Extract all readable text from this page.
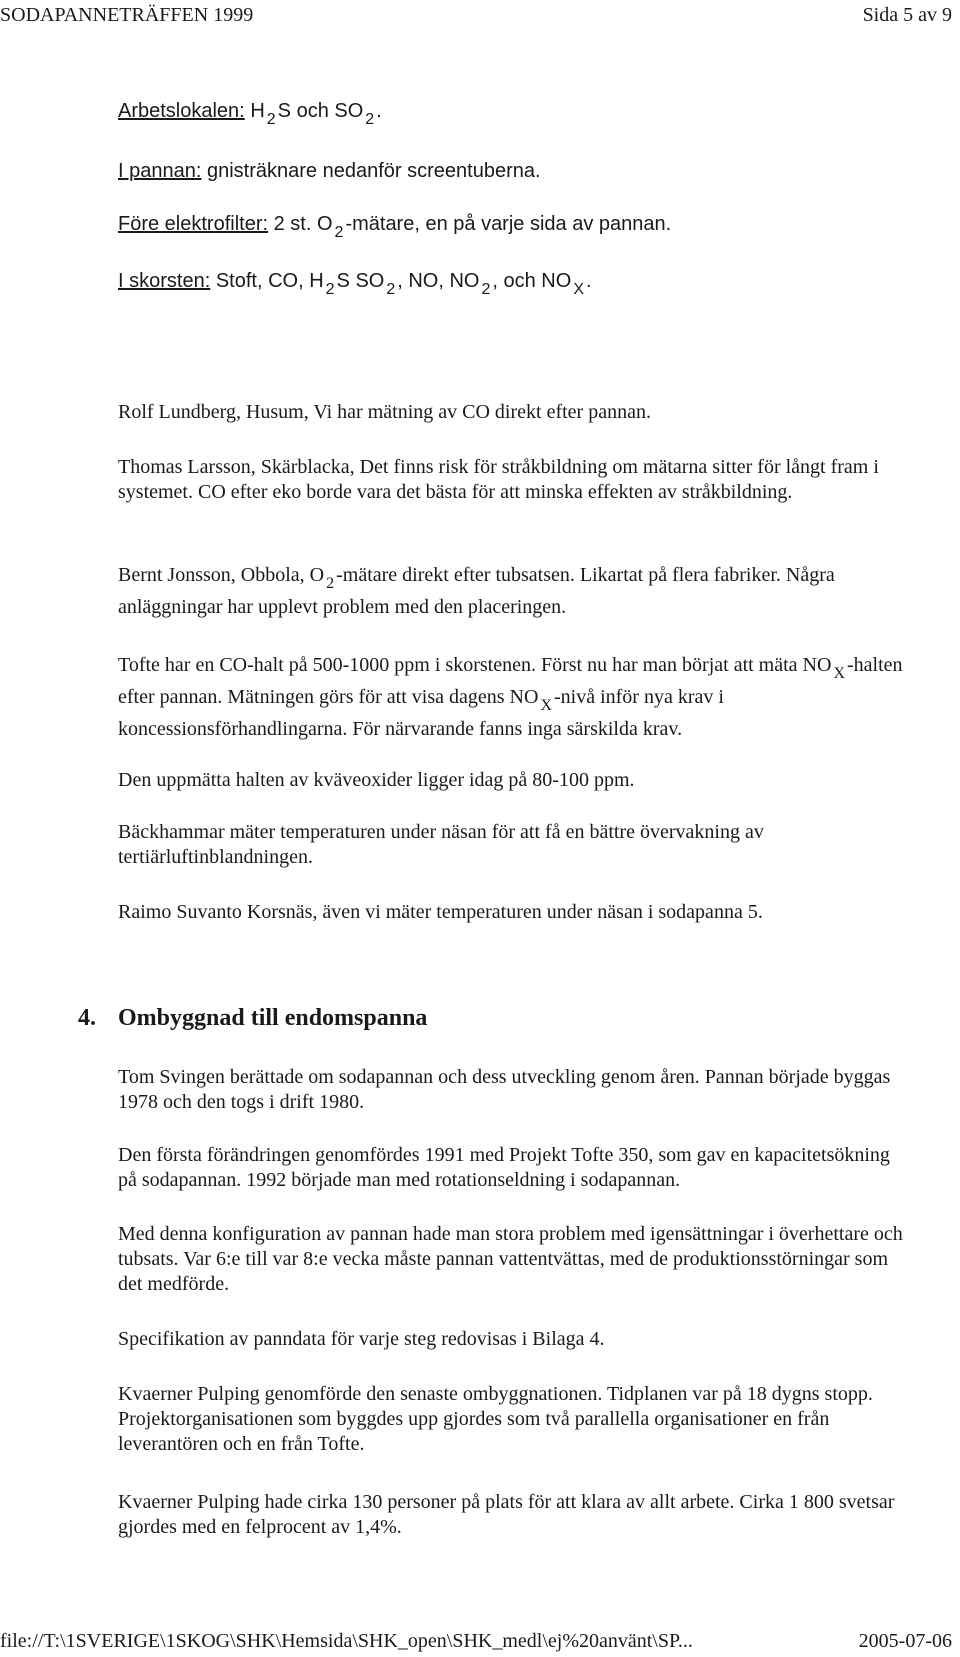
SODAPANNETRÄFFEN 1999	Sida 5 av 9
Arbetslokalen: H $_2$ S och SO $_2$ .
I pannan: gnisträknare nedanför screentuberna.
Före elektrofilter: 2 st. O $_2$ -mätare, en på varje sida av pannan.
I skorsten: Stoft, CO, H $_2$ S SO $_2$ , NO, NO $_2$ , och NO $_X$ .
Rolf Lundberg, Husum, Vi har mätning av CO direkt efter pannan.
Thomas Larsson, Skärblacka, Det finns risk för stråkbildning om mätarna sitter för långt fram i systemet. CO efter eko borde vara det bästa för att minska effekten av stråkbildning.
Bernt Jonsson, Obbola, O $_2$ -mätare direkt efter tubsatsen. Likartat på flera fabriker. Några anläggningar har upplevt problem med den placeringen.
Tofte har en CO-halt på 500-1000 ppm i skorstenen. Först nu har man börjat att mäta NO $_X$ -halten efter pannan. Mätningen görs för att visa dagens NO $_X$ -nivå inför nya krav i koncessionsförhandlingarna. För närvarande fanns inga särskilda krav.
Den uppmätta halten av kväveoxider ligger idag på 80-100 ppm.
Bäckhammar mäter temperaturen under näsan för att få en bättre övervakning av tertiärluftinblandningen.
Raimo Suvanto Korsnäs, även vi mäter temperaturen under näsan i sodapanna 5.
4. Ombyggnad till endomspanna
Tom Svingen berättade om sodapannan och dess utveckling genom åren. Pannan började byggas 1978 och den togs i drift 1980.
Den första förändringen genomfördes 1991 med Projekt Tofte 350, som gav en kapacitetsökning på sodapannan. 1992 började man med rotationseldning i sodapannan.
Med denna konfiguration av pannan hade man stora problem med igensättningar i överhettare och tubsats. Var 6:e till var 8:e vecka måste pannan vattentvättas, med de produktionsstörningar som det medförde.
Specifikation av panndata för varje steg redovisas i Bilaga 4.
Kvaerner Pulping genomförde den senaste ombyggnationen. Tidplanen var på 18 dygns stopp. Projektorganisationen som byggdes upp gjordes som två parallella organisationer en från leverantören och en från Tofte.
Kvaerner Pulping hade cirka 130 personer på plats för att klara av allt arbete. Cirka 1 800 svetsar gjordes med en felprocent av 1,4%.
file://T:\1SVERIGE\1SKOG\SHK\Hemsida\SHK_open\SHK_medl\ej%20använt\SP...	2005-07-06
